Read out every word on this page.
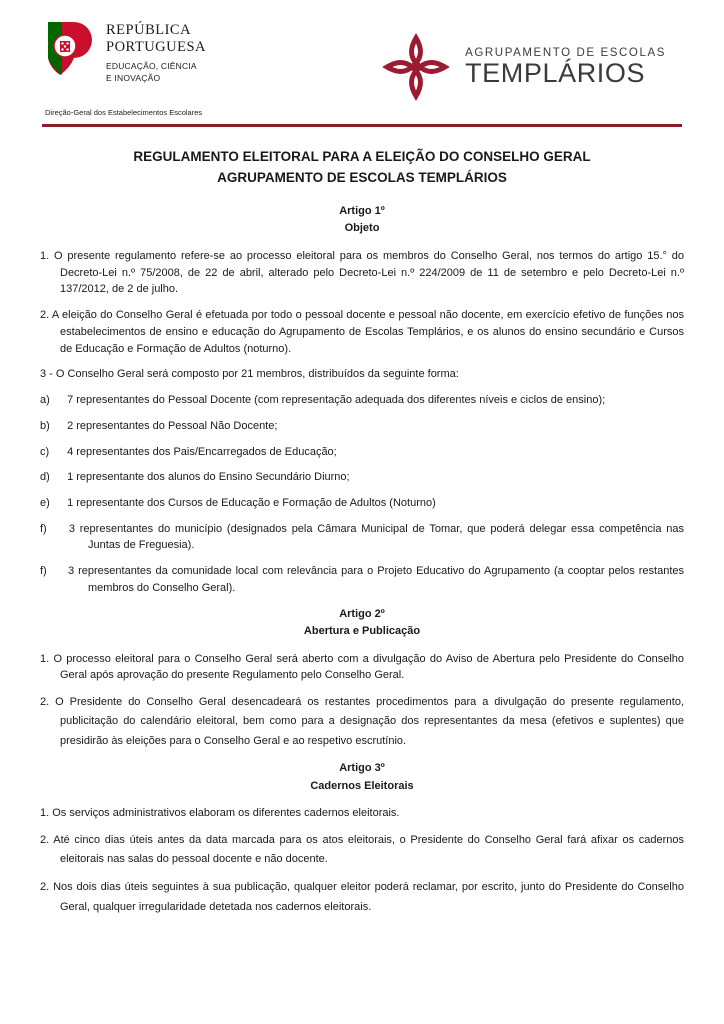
REPÚBLICA
PORTUGUESA
EDUCAÇÃO, CIÊNCIA
E INOVAÇÃO
AGRUPAMENTO DE ESCOLAS
TEMPLÁRIOS
Direção-Geral dos Estabelecimentos Escolares
REGULAMENTO ELEITORAL PARA A ELEIÇÃO DO CONSELHO GERAL
AGRUPAMENTO DE ESCOLAS TEMPLÁRIOS
Artigo 1º
Objeto

1. O presente regulamento refere-se ao processo eleitoral para os membros do Conselho Geral, nos termos do artigo 15.° do Decreto-Lei n.º 75/2008, de 22 de abril, alterado pelo Decreto-Lei n.º 224/2009 de 11 de setembro e pelo Decreto-Lei n.º 137/2012, de 2 de julho.

2. A eleição do Conselho Geral é efetuada por todo o pessoal docente e pessoal não docente, em exercício efetivo de funções nos estabelecimentos de ensino e educação do Agrupamento de Escolas Templários, e os alunos do ensino secundário e Cursos de Educação e Formação de Adultos (noturno).

3 - O Conselho Geral será composto por 21 membros, distribuídos da seguinte forma:

a) 7 representantes do Pessoal Docente (com representação adequada dos diferentes níveis e ciclos de ensino);

b) 2 representantes do Pessoal Não Docente;

c) 4 representantes dos Pais/Encarregados de Educação;

d) 1 representante dos alunos do Ensino Secundário Diurno;

e) 1 representante dos Cursos de Educação e Formação de Adultos (Noturno)

f) 3 representantes do município (designados pela Câmara Municipal de Tomar, que poderá delegar essa competência nas Juntas de Freguesia).

f) 3 representantes da comunidade local com relevância para o Projeto Educativo do Agrupamento (a cooptar pelos restantes membros do Conselho Geral).

Artigo 2º
Abertura e Publicação

1. O processo eleitoral para o Conselho Geral será aberto com a divulgação do Aviso de Abertura pelo Presidente do Conselho Geral após aprovação do presente Regulamento pelo Conselho Geral.

2. O Presidente do Conselho Geral desencadeará os restantes procedimentos para a divulgação do presente regulamento, publicitação do calendário eleitoral, bem como para a designação dos representantes da mesa (efetivos e suplentes) que presidirão às eleições para o Conselho Geral e ao respetivo escrutínio.

Artigo 3º
Cadernos Eleitorais

1. Os serviços administrativos elaboram os diferentes cadernos eleitorais.

2. Até cinco dias úteis antes da data marcada para os atos eleitorais, o Presidente do Conselho Geral fará afixar os cadernos eleitorais nas salas do pessoal docente e não docente.

2. Nos dois dias úteis seguintes à sua publicação, qualquer eleitor poderá reclamar, por escrito, junto do Presidente do Conselho Geral, qualquer irregularidade detetada nos cadernos eleitorais.
